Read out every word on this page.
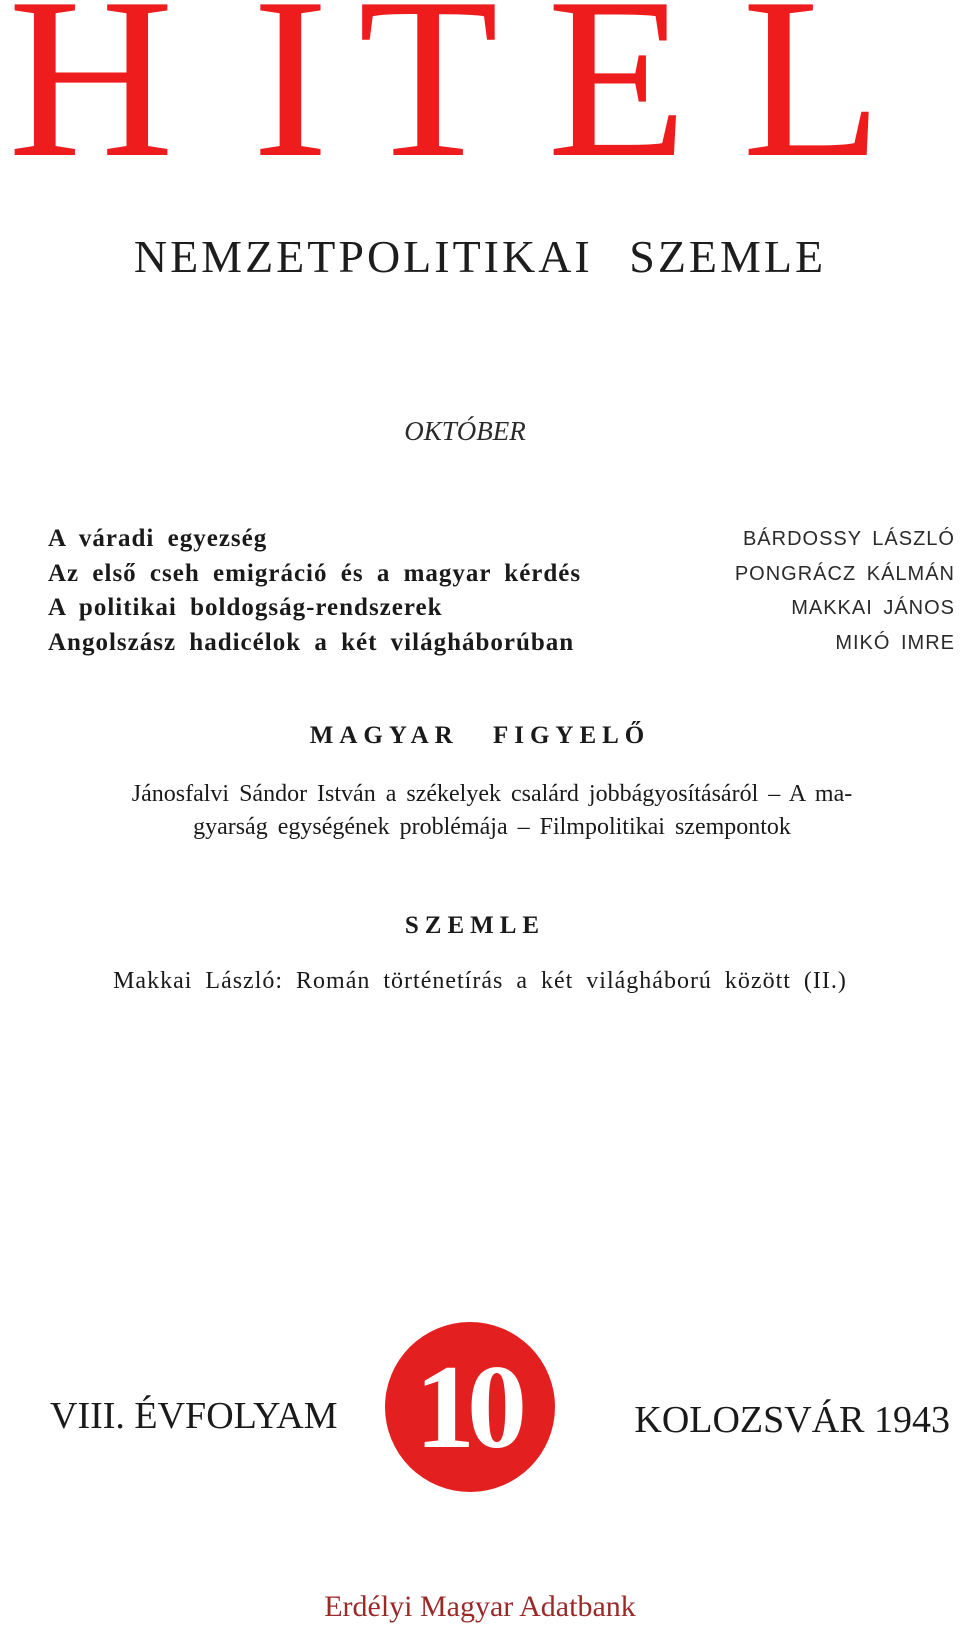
H I T E L
NEMZETPOLITIKAI SZEMLE
OKTÓBER
A váradi egyezség
Az első cseh emigráció és a magyar kérdés
A politikai boldogság-rendszerek
Angolszász hadicélok a két világháborúban
BÁRDOSSY LÁSZLÓ
PONGRÁCZ KÁLMÁN
MAKKAI JÁNOS
MIKÓ IMRE
MAGYAR FIGYELŐ
Jánosfalvi Sándor István a székelyek csalárd jobbágyosításáról – A ma-
gyarság egységének problémája – Filmpolitikai szempontok
SZEMLE
Makkai László: Román történetírás a két világháború között (II.)
VIII. ÉVFOLYAM 10	KOLOZSVÁR 1943
Erdélyi Magyar Adatbank
